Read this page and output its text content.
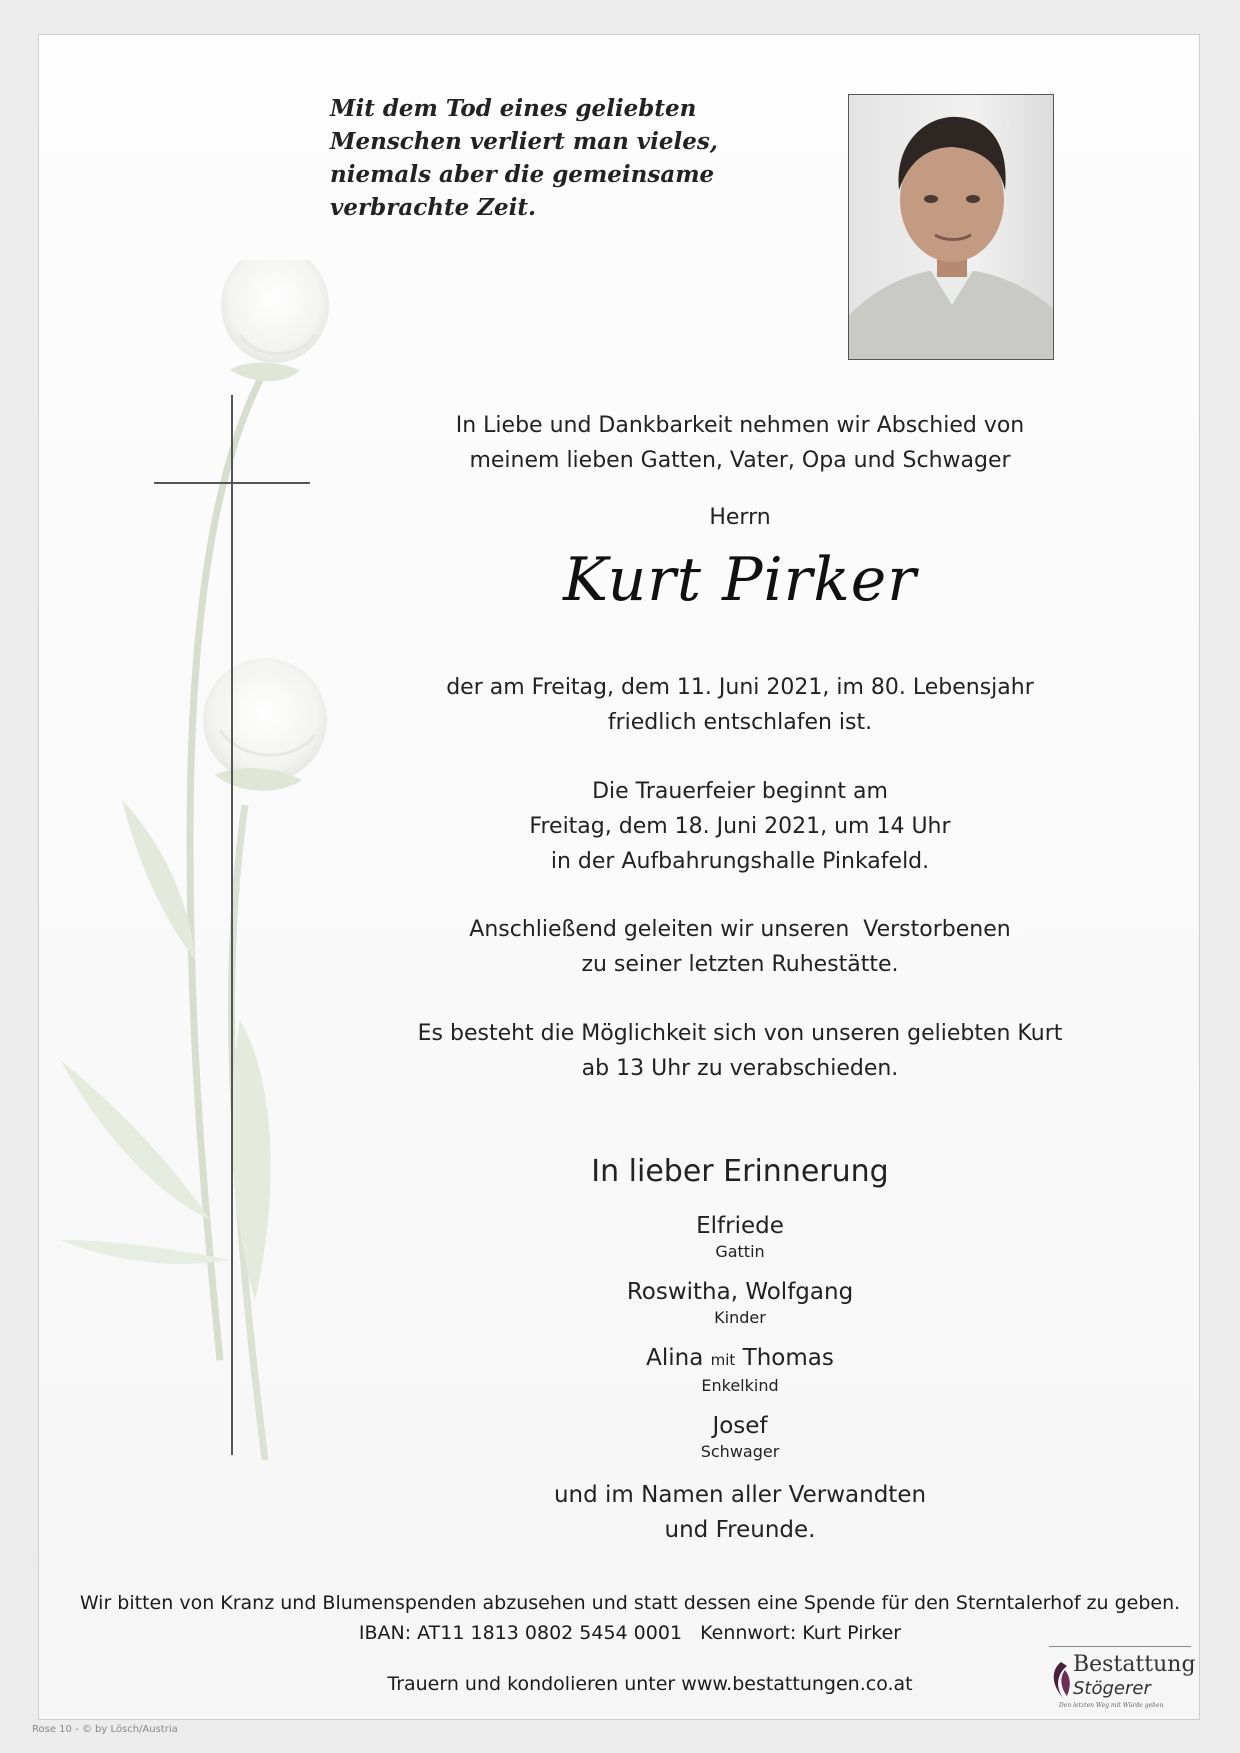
Mit dem Tod eines geliebten
Menschen verliert man vieles,
niemals aber die gemeinsame
verbrachte Zeit.
In Liebe und Dankbarkeit nehmen wir Abschied von
meinem lieben Gatten, Vater, Opa und Schwager
Herrn
Kurt Pirker
der am Freitag, dem 11. Juni 2021, im 80. Lebensjahr
friedlich entschlafen ist.
Die Trauerfeier beginnt am
Freitag, dem 18. Juni 2021, um 14 Uhr
in der Aufbahrungshalle Pinkafeld.
Anschließend geleiten wir unseren  Verstorbenen
zu seiner letzten Ruhestätte.
Es besteht die Möglichkeit sich von unseren geliebten Kurt
ab 13 Uhr zu verabschieden.
In lieber Erinnerung
Elfriede
Gattin
Roswitha, Wolfgang
Kinder
Alina mit Thomas
Enkelkind
Josef
Schwager
und im Namen aller Verwandten
und Freunde.
Wir bitten von Kranz und Blumenspenden abzusehen und statt dessen eine Spende für den Sterntalerhof zu geben.
IBAN: AT11 1813 0802 5454 0001   Kennwort: Kurt Pirker
Trauern und kondolieren unter www.bestattungen.co.at
Bestattung
Stögerer
Den letzten Weg mit Würde gehen
Rose 10 - © by Lösch/Austria
